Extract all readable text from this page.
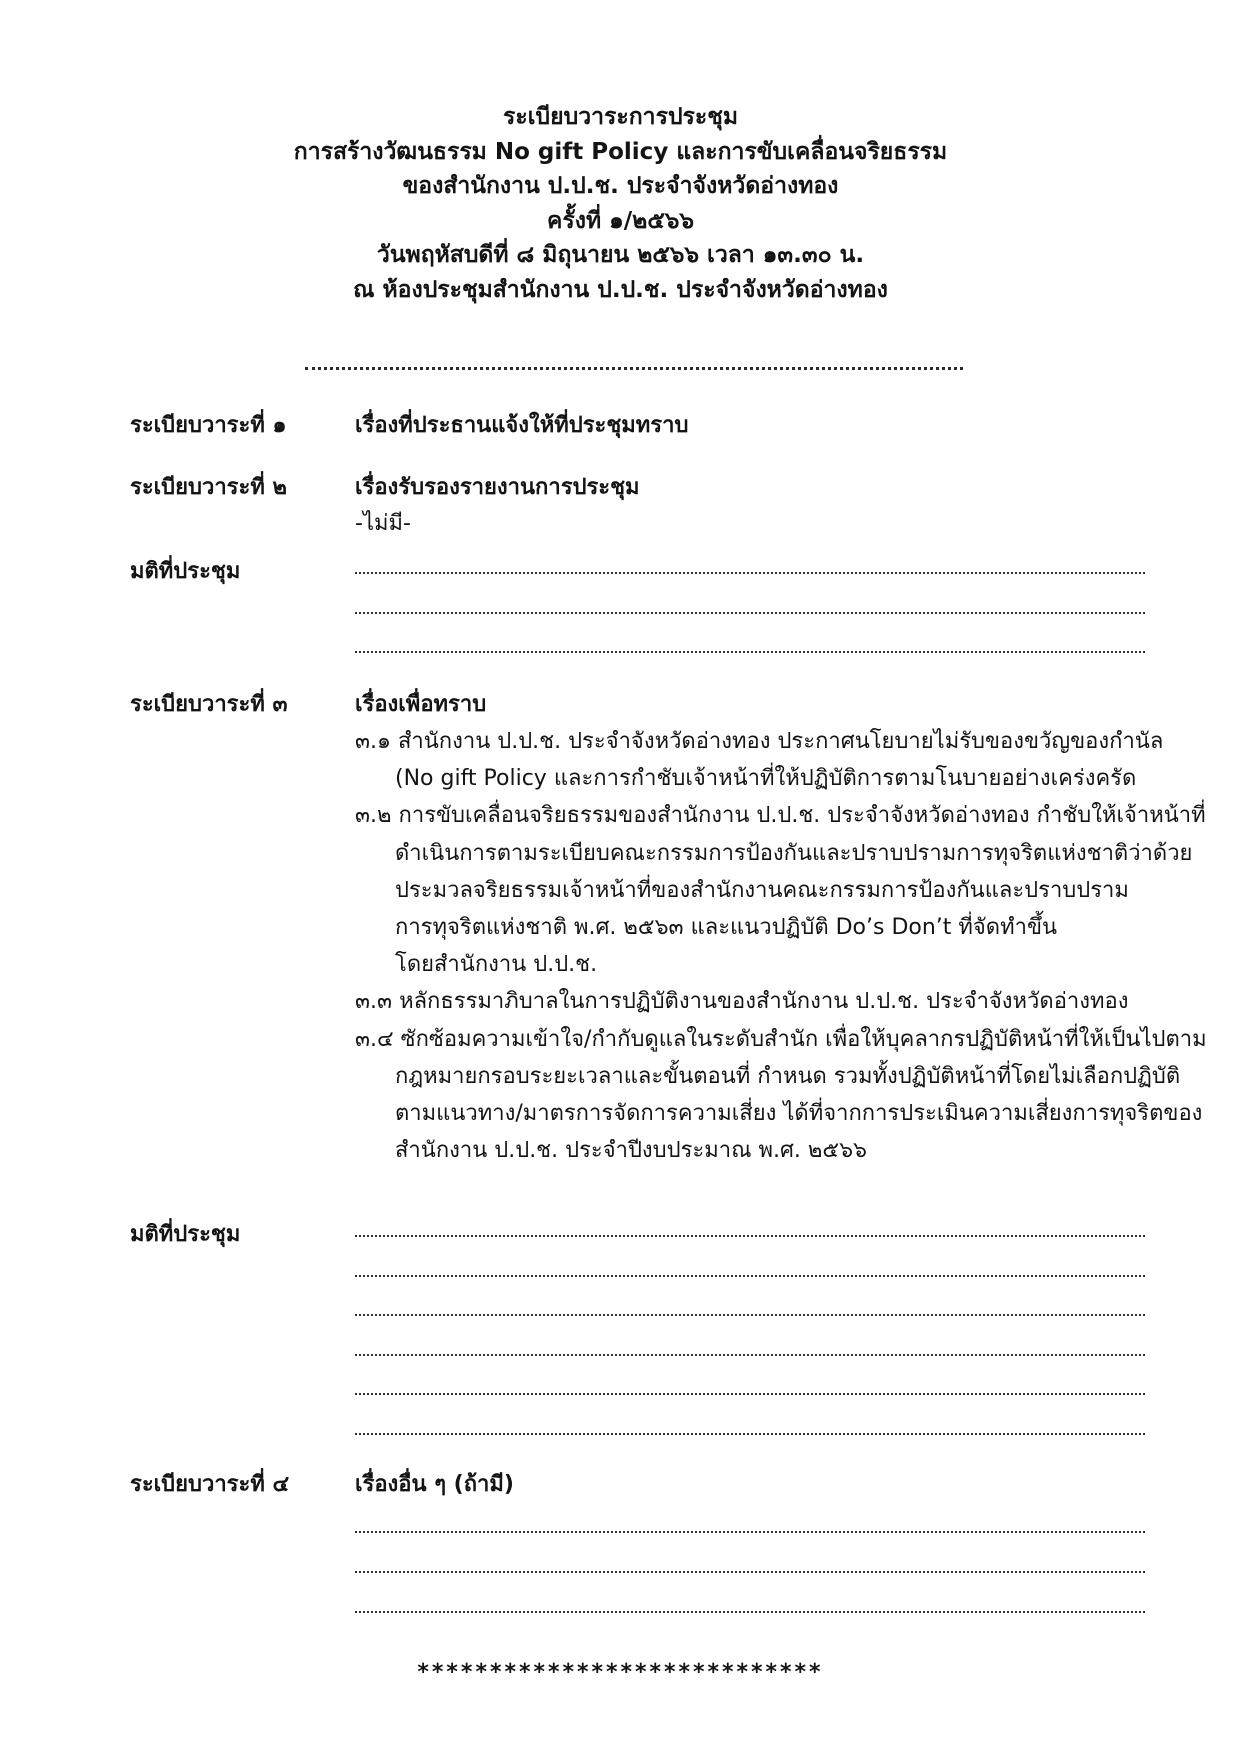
ระเบียบวาระการประชุม
การสร้างวัฒนธรรม No gift Policy และการขับเคลื่อนจริยธรรม
ของสำนักงาน ป.ป.ช. ประจำจังหวัดอ่างทอง
ครั้งที่ ๑/๒๕๖๖
วันพฤหัสบดีที่ ๘ มิถุนายน ๒๕๖๖ เวลา ๑๓.๓๐ น.
ณ ห้องประชุมสำนักงาน ป.ป.ช. ประจำจังหวัดอ่างทอง
ระเบียบวาระที่ ๑	เรื่องที่ประธานแจ้งให้ที่ประชุมทราบ
ระเบียบวาระที่ ๒	เรื่องรับรองรายงานการประชุม
-ไม่มี-
มติที่ประชุม
ระเบียบวาระที่ ๓	เรื่องเพื่อทราบ
๓.๑ สำนักงาน ป.ป.ช. ประจำจังหวัดอ่างทอง ประกาศนโยบายไม่รับของขวัญของกำนัล
(No gift Policy และการกำชับเจ้าหน้าที่ให้ปฏิบัติการตามโนบายอย่างเคร่งครัด
๓.๒ การขับเคลื่อนจริยธรรมของสำนักงาน ป.ป.ช. ประจำจังหวัดอ่างทอง กำชับให้เจ้าหน้าที่
ดำเนินการตามระเบียบคณะกรรมการป้องกันและปราบปรามการทุจริตแห่งชาติว่าด้วย
ประมวลจริยธรรมเจ้าหน้าที่ของสำนักงานคณะกรรมการป้องกันและปราบปราม
การทุจริตแห่งชาติ พ.ศ. ๒๕๖๓ และแนวปฏิบัติ Do’s Don’t ที่จัดทำขึ้น
โดยสำนักงาน ป.ป.ช.
๓.๓ หลักธรรมาภิบาลในการปฏิบัติงานของสำนักงาน ป.ป.ช. ประจำจังหวัดอ่างทอง
๓.๔ ซักซ้อมความเข้าใจ/กำกับดูแลในระดับสำนัก เพื่อให้บุคลากรปฏิบัติหน้าที่ให้เป็นไปตาม
กฎหมายกรอบระยะเวลาและขั้นตอนที่ กำหนด รวมทั้งปฏิบัติหน้าที่โดยไม่เลือกปฏิบัติ
ตามแนวทาง/มาตรการจัดการความเสี่ยง ได้ที่จากการประเมินความเสี่ยงการทุจริตของ
สำนักงาน ป.ป.ช. ประจำปีงบประมาณ พ.ศ. ๒๕๖๖
มติที่ประชุม
ระเบียบวาระที่ ๔	เรื่องอื่น ๆ (ถ้ามี)
****************************
